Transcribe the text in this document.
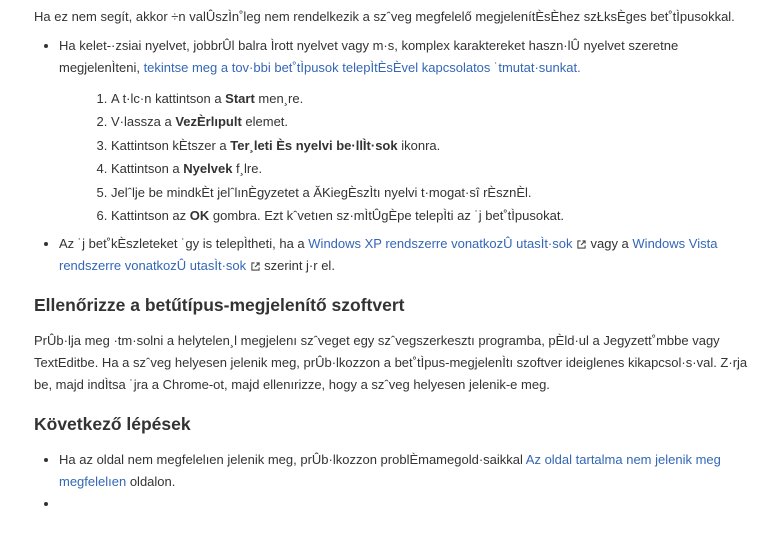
Ha ez nem segít, akkor ÷n valÛszÌn˚leg nem rendelkezik a szˆveg megfelelő megjelenítÈsÈhez szŁksÈges bet˚tÌpusokkal.

• Ha kelet-·zsiai nyelvet, jobbrÛl balra Ìrott nyelvet vagy m·s, komplex karaktereket haszn·lÛ nyelvet szeretne megjelenÌteni, tekintse meg a tov·bbi bet˚tÌpusok telepÌtÈsÈvel kapcsolatos ˙tmutat·sunkat.
1. A t·lc·n kattintson a Start men¸re.
2. V·lassza a VezÈrlıpult elemet.
3. Kattintson kÈtszer a Ter¸leti Ès nyelvi be·llÌt·sok ikonra.
4. Kattintson a Nyelvek f¸lre.
5. Jelˆlje be mindkÈt jelˆlınÈgyzetet a ĂKiegÈszÌtı nyelvi t·mogat·sî rÈsznÈl.
6. Kattintson az OK gombra. Ezt kˆvetıen sz·mÌtÛgÈpe telepÌti az ˙j bet˚tÌpusokat.
• Az ˙j bet˚kÈszleteket ˙gy is telepÌtheti, ha a Windows XP rendszerre vonatkozÛ utasÌt·sok vagy a Windows Vista rendszerre vonatkozÛ utasÌt·sok szerint j·r el.
Ellenőrizze a betűtípus-megjelenítő szoftvert

PrÛb·lja meg ·tm·solni a helytelen¸l megjelenı szˆveget egy szˆvegszerkesztı programba, pÈld·ul a Jegyzett˚mbbe vagy TextEditbe. Ha a szˆveg helyesen jelenik meg, prÛb·lkozzon a bet˚tÌpus-megjelenÌtı szoftver ideiglenes kikapcsol·s·val. Z·rja be, majd indÌtsa ˙jra a Chrome-ot, majd ellenırizze, hogy a szˆveg helyesen jelenik-e meg.

Következő lépések
• Ha az oldal nem megfelelıen jelenik meg, prÛb·lkozzon problÈmamegold·saikkal Az oldal tartalma nem jelenik meg megfelelıen oldalon.
•
